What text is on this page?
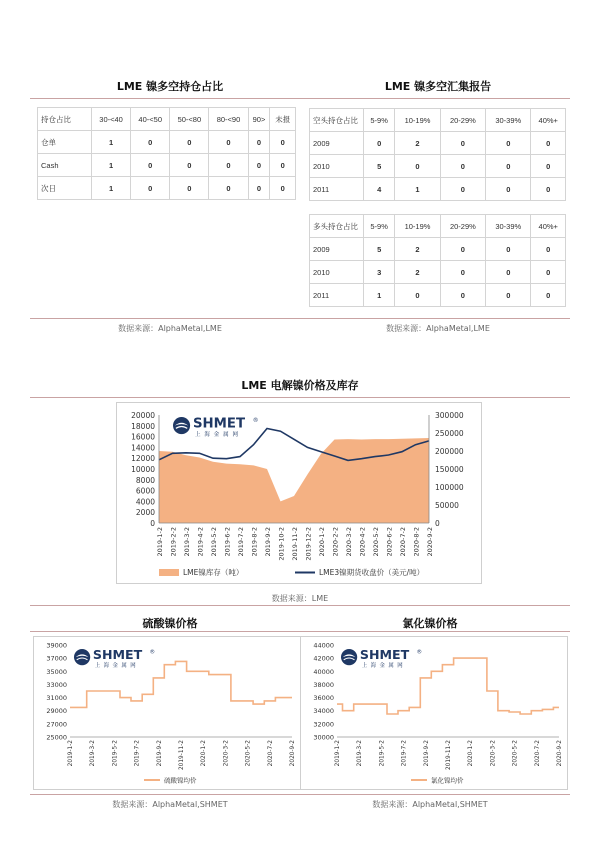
LME 镍多空持仓占比	LME 镍多空汇集报告
持仓占比	30-<40	40-<50	50-<80	80-<90	90>	未报
仓单	1	0	0	0	0	0
Cash	1	0	0	0	0	0
次日	1	0	0	0	0	0
空头持仓占比	5-9%	10-19%	20-29%	30-39%	40%+
2009	0	2	0	0	0
2010	5	0	0	0	0
2011	4	1	0	0	0
多头持仓占比	5-9%	10-19%	20-29%	30-39%	40%+
2009	5	2	0	0	0
2010	3	2	0	0	0
2011	1	0	0	0	0
数据来源：AlphaMetal,LME	数据来源：AlphaMetal,LME
LME 电解镍价格及库存
0
2000
4000
6000
8000
10000
12000
14000
16000
18000
20000
0
50000
100000
150000
200000
250000
300000
2019-1-2 2019-2-2 2019-3-2 2019-4-2 2019-5-2 2019-6-2 2019-7-2 2019-8-2 2019-9-2 2019-10-2 2019-11-2 2019-12-2 2020-1-2 2020-2-2 2020-3-2 2020-4-2 2020-5-2 2020-6-2 2020-7-2 2020-8-2 2020-9-2
SHMET ®
上 海 金 属 网
LME镍库存（吨）	LME3镍期货收盘价（美元/吨）
数据来源：LME
硫酸镍价格	氯化镍价格
25000
27000
29000
31000
33000
35000
37000
39000
2019-1-2	2019-3-2	2019-5-2	2019-7-2	2019-9-2	2019-11-2	2020-1-2	2020-3-2	2020-5-2	2020-7-2	2020-9-2
SHMET ®
上 海 金 属 网
硫酸镍均价
30000
32000
34000
36000
38000
40000
42000
44000
2019-1-2	2019-3-2	2019-5-2	2019-7-2	2019-9-2	2019-11-2	2020-1-2	2020-3-2	2020-5-2	2020-7-2	2020-9-2
SHMET ®
上 海 金 属 网
氯化镍均价
数据来源：AlphaMetal,SHMET	数据来源：AlphaMetal,SHMET
